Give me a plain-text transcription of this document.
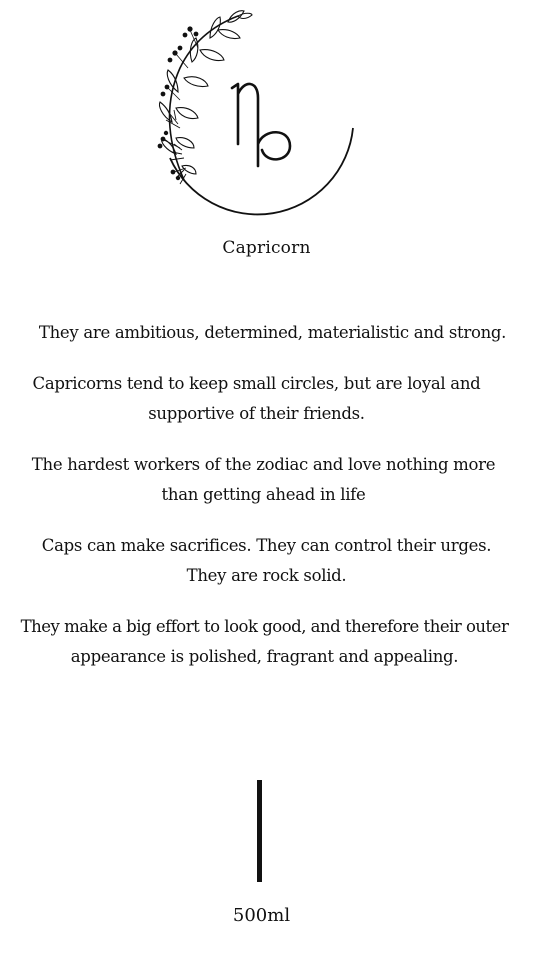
Capricorn
They are ambitious, determined, materialistic and strong.
Capricorns tend to keep small circles, but are loyal and
supportive of their friends.
The hardest workers of the zodiac and love nothing more
than getting ahead in life
Caps can make sacrifices. They can control their urges.
They are rock solid.
They make a big effort to look good, and therefore their outer
appearance is polished, fragrant and appealing.
500ml
